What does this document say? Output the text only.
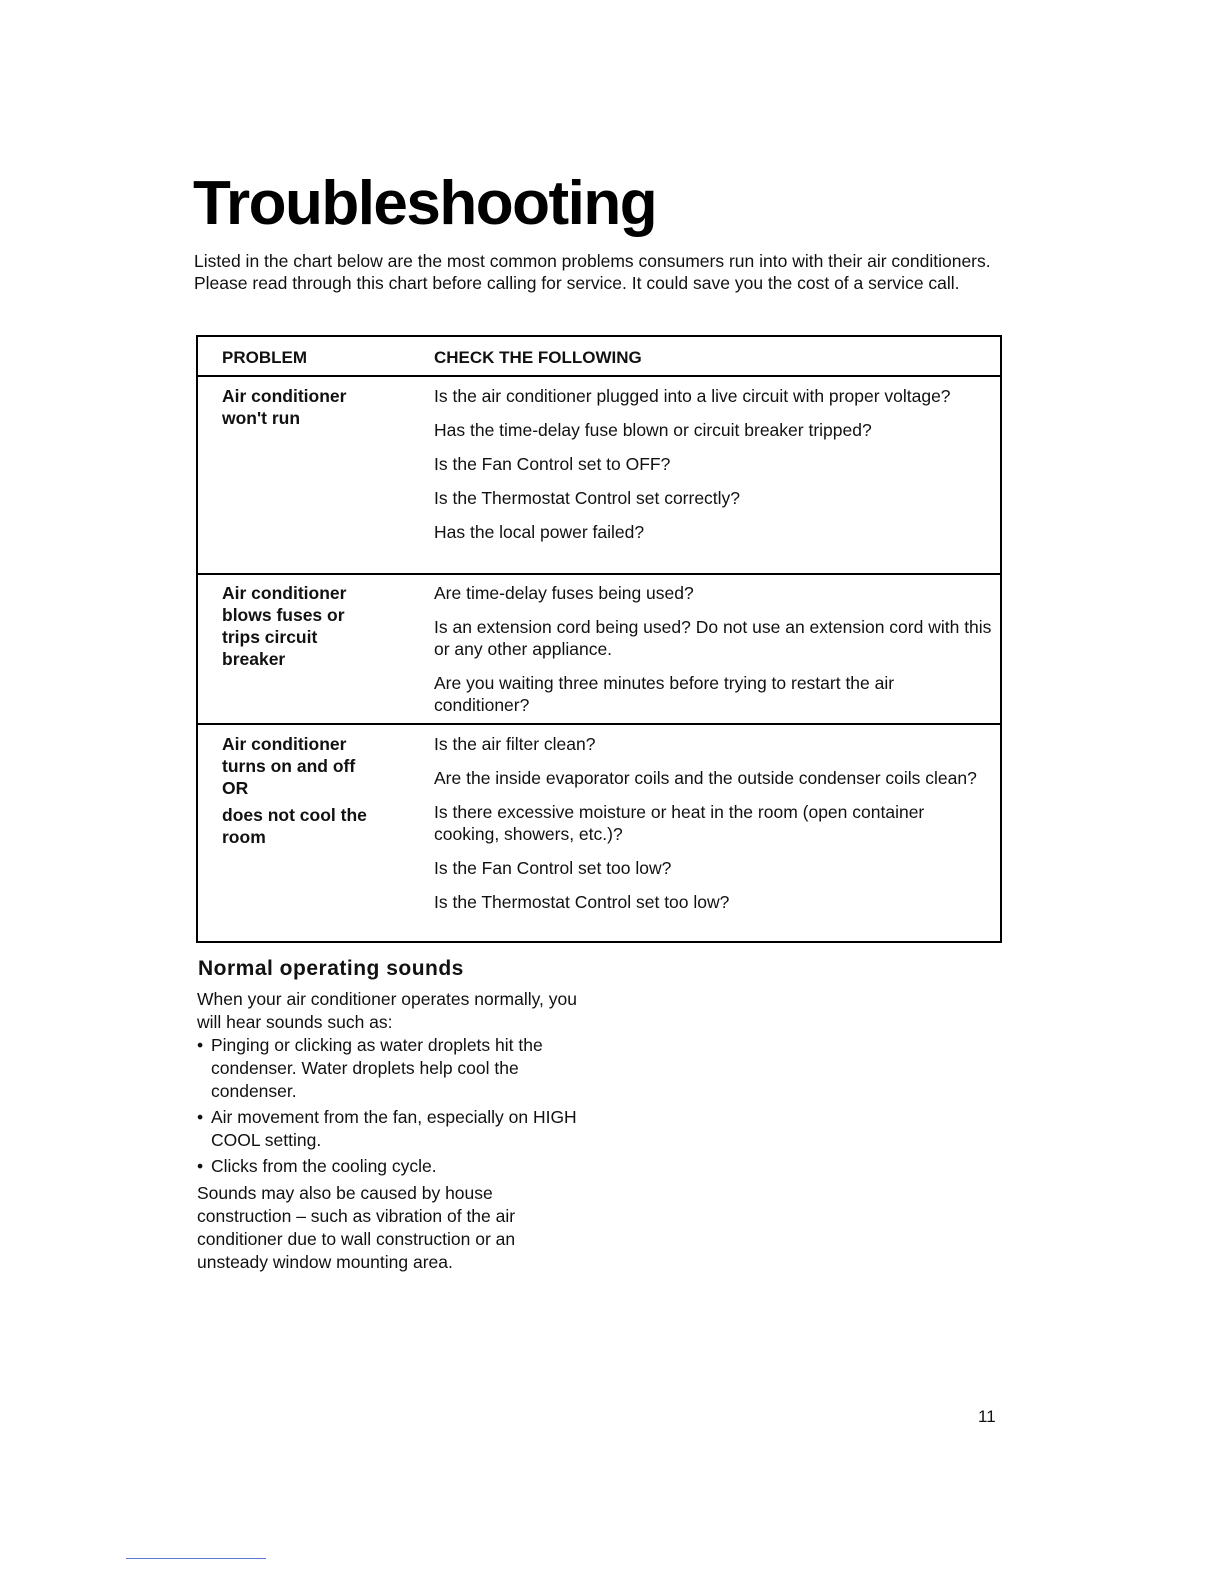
Troubleshooting

Listed in the chart below are the most common problems consumers run into with their air conditioners. Please read through this chart before calling for service. It could save you the cost of a service call.

PROBLEM	CHECK THE FOLLOWING
Air conditioner
won't run
Is the air conditioner plugged into a live circuit with proper voltage?
Has the time-delay fuse blown or circuit breaker tripped?
Is the Fan Control set to OFF?
Is the Thermostat Control set correctly?
Has the local power failed?
Air conditioner
blows fuses or
trips circuit
breaker
Are time-delay fuses being used?
Is an extension cord being used? Do not use an extension cord with this or any other appliance.
Are you waiting three minutes before trying to restart the air conditioner?
Air conditioner
turns on and off
OR
does not cool the
room
Is the air filter clean?
Are the inside evaporator coils and the outside condenser coils clean?
Is there excessive moisture or heat in the room (open container cooking, showers, etc.)?
Is the Fan Control set too low?
Is the Thermostat Control set too low?
Normal operating sounds

When your air conditioner operates normally, you will hear sounds such as:

• Pinging or clicking as water droplets hit the condenser. Water droplets help cool the condenser.
• Air movement from the fan, especially on HIGH COOL setting.
• Clicks from the cooling cycle.

Sounds may also be caused by house construction – such as vibration of the air conditioner due to wall construction or an unsteady window mounting area.

11
